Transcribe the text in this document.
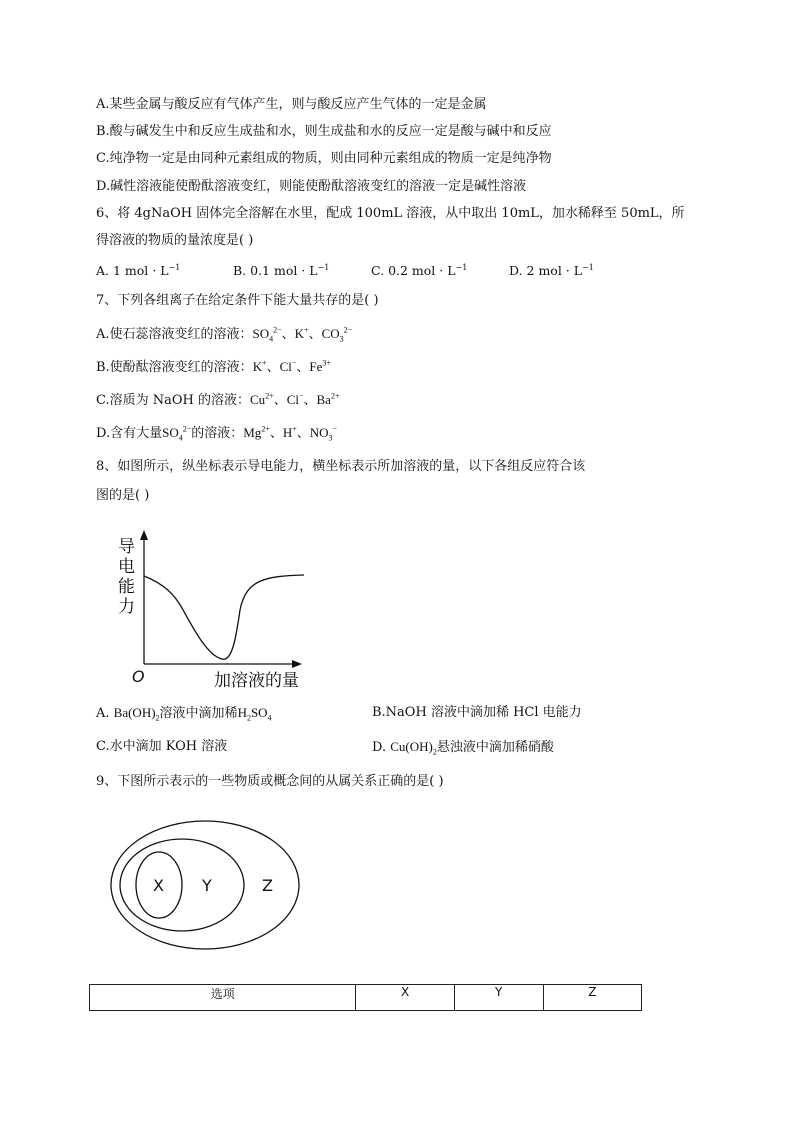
A.某些金属与酸反应有气体产生，则与酸反应产生气体的一定是金属
B.酸与碱发生中和反应生成盐和水，则生成盐和水的反应一定是酸与碱中和反应
C.纯净物一定是由同种元素组成的物质，则由同种元素组成的物质一定是纯净物
D.碱性溶液能使酚酞溶液变红，则能使酚酞溶液变红的溶液一定是碱性溶液
6、将 4gNaOH 固体完全溶解在水里，配成 100mL 溶液，从中取出 10mL，加水稀释至 50mL，所
得溶液的物质的量浓度是( )
A. 1 mol · $L^{-1}$	B. 0.1 mol · $L^{-1}$	C. 0.2 mol · $L^{-1}$	D. 2 mol · $L^{-1}$
7、下列各组离子在给定条件下能大量共存的是( )
A.使石蕊溶液变红的溶液：$SO_4^{2-}$、K+、$CO_3^{2-}$
B.使酚酞溶液变红的溶液：K+、Cl−、$Fe^{3+}$
C.溶质为 NaOH 的溶液：$Cu^{2+}$、Cl−、$Ba^{2+}$
D.含有大量$SO_4^{2-}$的溶液：$Mg^{2+}$、H+、$NO_3^-$
8、如图所示，纵坐标表示导电能力，横坐标表示所加溶液的量，以下各组反应符合该
图的是( )
导
电
能
力
O	加溶液的量
A. $Ba(OH)_2$溶液中滴加稀$H_2SO_4$	B.NaOH 溶液中滴加稀 HCl 电能力
C.水中滴加 KOH 溶液	D. $Cu(OH)_2$悬浊液中滴加稀硝酸
9、下图所示表示的一些物质或概念间的从属关系正确的是( )
X Y	Z
选项	X	Y	Z
